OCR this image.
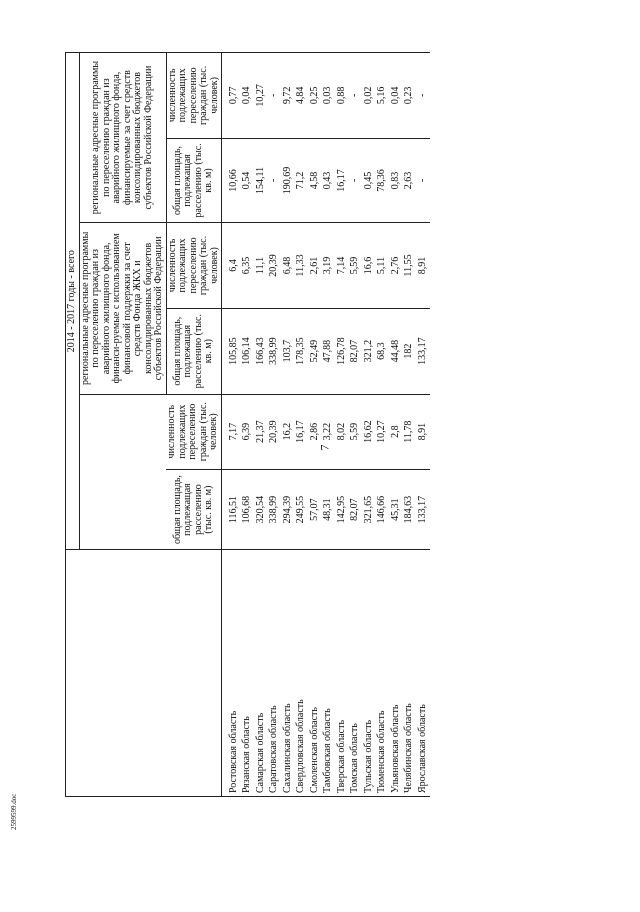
7
	2014 - 2017 годы - всего					
			региональные адресные программы по переселению граждан из аварийного жилищного фонда, финанси-руемые с использованием финансовой поддержки за счет средств Фонда ЖКХ и консолидированных бюджетов субъектов Российской Федерации		региональные адресные программы по переселению граждан из аварийного жилищного фонда, финансируемые за счет средств консолидированных бюджетов субъектов Российской Федерации	
	общая площадь, подлежащая расселению (тыс. кв. м)	численность подлежащих переселению граждан (тыс. человек)	общая площадь, подлежащая расселению (тыс. кв. м)	численность подлежащих переселению граждан (тыс. человек)	общая площадь, подлежащая расселению (тыс. кв. м)	численность подлежащих переселению граждан (тыс. человек)
Ростовская область	116,51	7,17	105,85	6,4	10,66	0,77
Рязанская область	106,68	6,39	106,14	6,35	0,54	0,04
Самарская область	320,54	21,37	166,43	11,1	154,11	10,27
Саратовская область	338,99	20,39	338,99	20,39	-	-
Сахалинская область	294,39	16,2	103,7	6,48	190,69	9,72
Свердловская область	249,55	16,17	178,35	11,33	71,2	4,84
Смоленская область	57,07	2,86	52,49	2,61	4,58	0,25
Тамбовская область	48,31	3,22	47,88	3,19	0,43	0,03
Тверская область	142,95	8,02	126,78	7,14	16,17	0,88
Томская область	82,07	5,59	82,07	5,59	-	-
Тульская область	321,65	16,62	321,2	16,6	0,45	0,02
Тюменская область	146,66	10,27	68,3	5,11	78,36	5,16
Ульяновская область	45,31	2,8	44,48	2,76	0,83	0,04
Челябинская область	184,63	11,78	182	11,55	2,63	0,23
Ярославская область	133,17	8,91	133,17	8,91	-	-
2599599.doc
